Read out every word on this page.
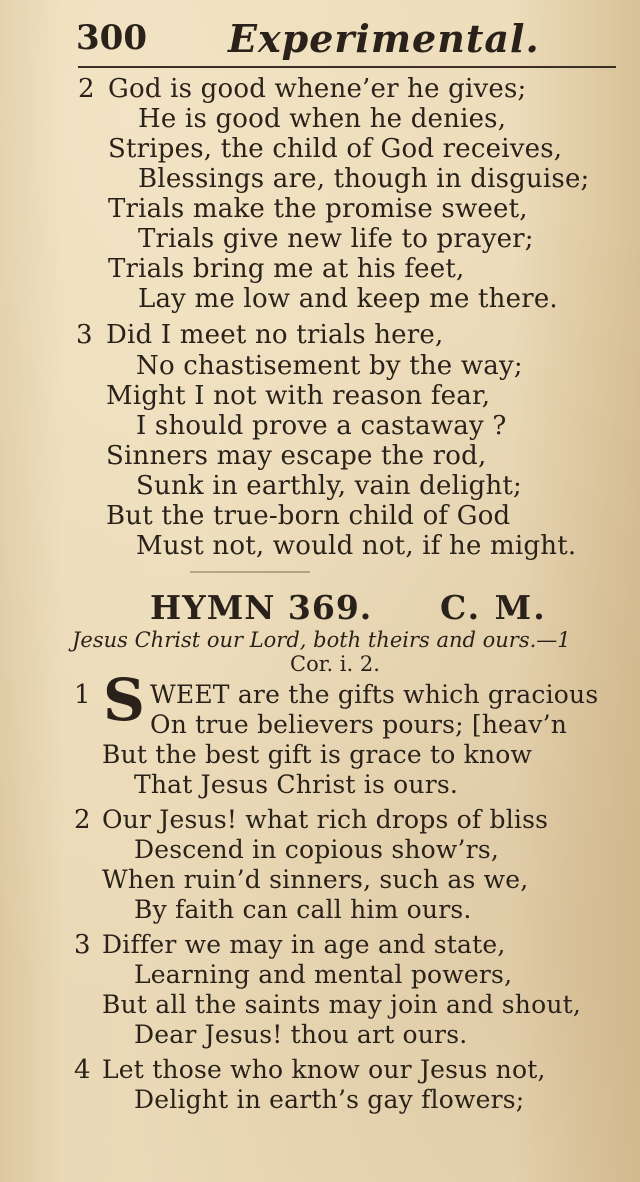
300 Experimental.
2 God is good whene’er he gives;
He is good when he denies,
Stripes, the child of God receives,
Blessings are, though in disguise;
Trials make the promise sweet,
Trials give new life to prayer;
Trials bring me at his feet,
Lay me low and keep me there.
3 Did I meet no trials here,
No chastisement by the way;
Might I not with reason fear,
I should prove a castaway ?
Sinners may escape the rod,
Sunk in earthly, vain delight;
But the true-born child of God
Must not, would not, if he might.
HYMN 369. C. M.
Jesus Christ our Lord, both theirs and ours.—1
Cor. i. 2.
1 S WEET are the gifts which gracious
On true believers pours; [heav’n
But the best gift is grace to know
That Jesus Christ is ours.
2 Our Jesus! what rich drops of bliss
Descend in copious show’rs,
When ruin’d sinners, such as we,
By faith can call him ours.
3 Differ we may in age and state,
Learning and mental powers,
But all the saints may join and shout,
Dear Jesus! thou art ours.
4 Let those who know our Jesus not,
Delight in earth’s gay flowers;
